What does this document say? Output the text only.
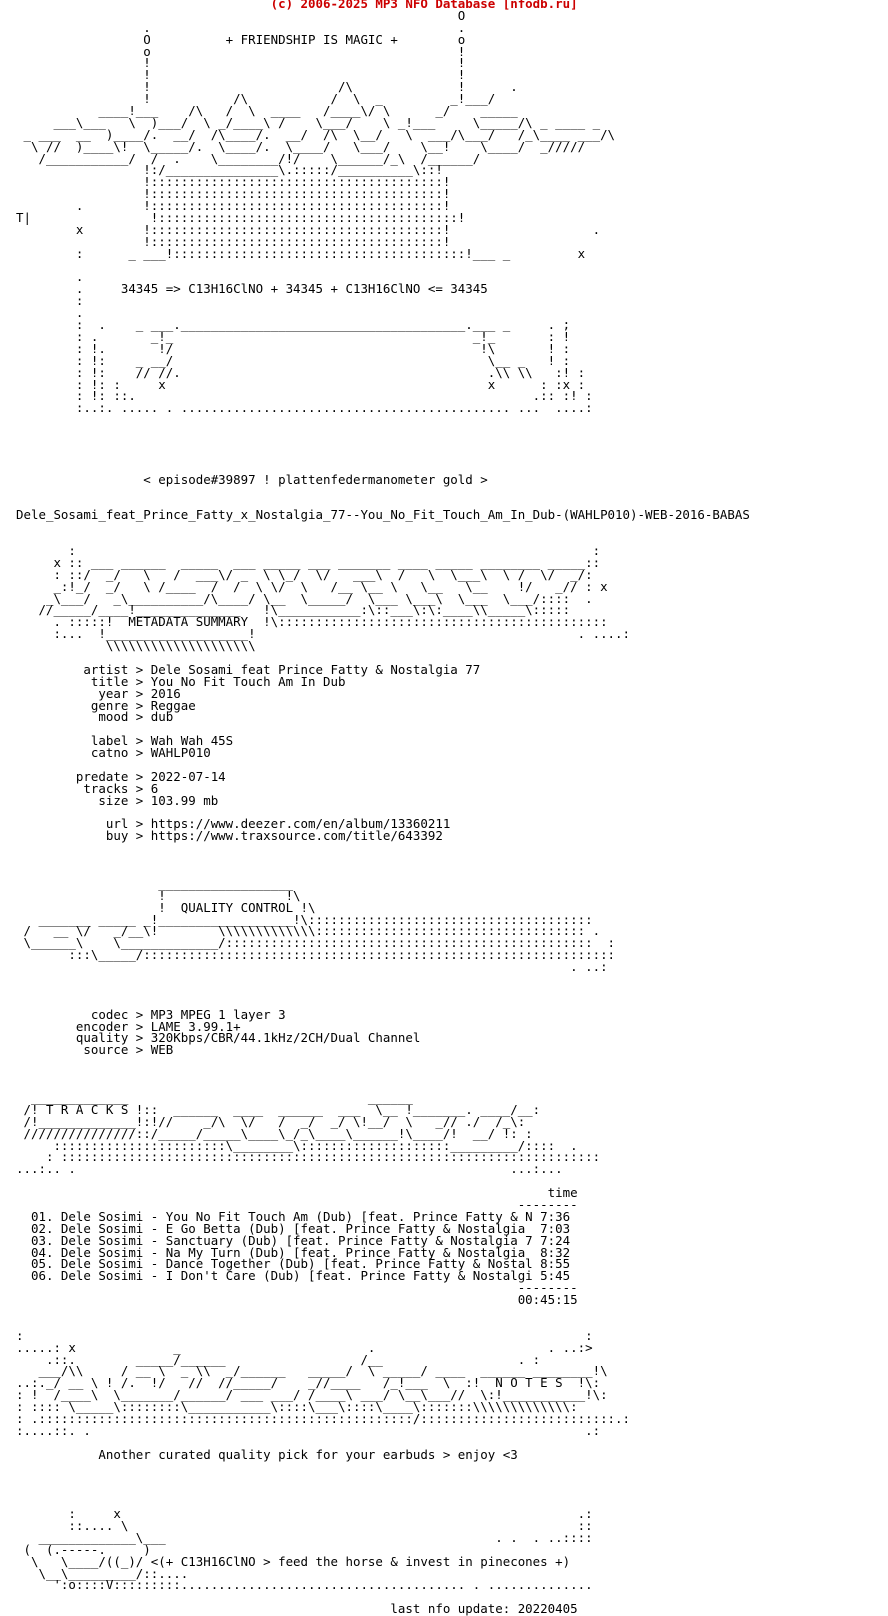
(c) 2006-2025 MP3 NFO Database [nfodb.ru]
O
.                                         .
O          + FRIENDSHIP IS MAGIC +        o
o                                         !
!                                         !
!                                         !
!                         /\              !      .
!           /\           /  \  _         _!___/
____!___    /\   /  \  ____   /____\/ \      _/    _____
___\___   \  )___/  \ _/____\ /    \___/    \ _!___     \_____/\ _ ____ _
_ ___  __  )____/.  __/  /\____/.  __/  /\  \__/   \  ___/\___/   /_\____ ___/\
\ //  )____\!  \_____/.  \____/.  \____/   \___/    \__!    \____/  _/////
/___________/  /  .    \________/!/    \______/_\  /______/
!:/_______________\.:::::/__________\::!
!:::::::::::::::::::::::::::::::::::::::!
!:::::::::::::::::::::::::::::::::::::::!
.        !:::::::::::::::::::::::::::::::::::::::!
T|                !::::::::::::::::::::::::::::::::::::::::!
x        !:::::::::::::::::::::::::::::::::::::::!                   .
!:::::::::::::::::::::::::::::::::::::::!
:      _ ___!:::::::::::::::::::::::::::::::::::::::!___ _         x
.
.     34345 => C13H16ClNO + 34345 + C13H16ClNO <= 34345
:
.
:  .    _ ___.______________________________________.___ _     . ;
: .       _!_                                        _!_       : !
: !.       !/                                         !\       ! :
: !:    _ __/                                          \__ _   ! :
: !:    // //.                                         .\\ \\   :! :
: !: :     x                                           x      : :x :
: !: ::.                                                     .:: :! :
:..:. ..... . ............................................ ...  ....:
< episode#39897 ! plattenfedermanometer gold >
Dele_Sosami_feat_Prince_Fatty_x_Nostalgia_77--You_No_Fit_Touch_Am_In_Dub-(WAHLP010)-WEB-2016-BABAS
:                                                                     :
x :: ___ ______  _____  ___ _____ ___ _______ ____ _____ ________ _____::
: ::/  _/   \   /  ___\/ _  \ \_/  \/   ___\  /   \  \___\  \ /  \/  _/:
_:!_/  _/   \ /____  /  /  \ \/  \   /__ \__ \   \__   \__    !/   _// : x
_\___/   _\__________/\____/ \__  \_____/  \___ \___\  \___  \___/::::  .
//_____/____!______________   !\___________:\::___\:\:____\\_____\:::::
. :::::!  METADATA SUMMARY  !\::::::::::::::::::::::::::::::::::::::::::::
:...  !___________________!                                           . ....:
\\\\\\\\\\\\\\\\\\\\
artist > Dele Sosami feat Prince Fatty & Nostalgia 77
title > You No Fit Touch Am In Dub
year > 2016
genre > Reggae
mood > dub
label > Wah Wah 45S
catno > WAHLP010
predate > 2022-07-14
tracks > 6
size > 103.99 mb
url > https://www.deezer.com/en/album/13360211
buy > https://www.traxsource.com/title/643392
__________________
!                !\
!  QUALITY CONTROL !\
_______ _____ _!__________________!\::::::::::::::::::::::::::::::::::::::
/   __ \/   _/__\!        \\\\\\\\\\\\\:::::::::::::::::::::::::::::::::::: .
\______\    \_____________/:::::::::::::::::::::::::::::::::::::::::::::::::  :
:::\_____/:::::::::::::::::::::::::::::::::::::::::::::::::::::::::::::::
. ..:
codec > MP3 MPEG 1 layer 3
encoder > LAME 3.99.1+
quality > 320Kbps/CBR/44.1kHz/2CH/Dual Channel
source > WEB
_____________                                ______
/! T R A C K S !::  ______  ____  ______  ___  \__ !_______. ____/__:
/!_____________!:!//    _/\  \/   /  _/  _/ \!__/  \   _// ./  /_\:
///////////////::/_____/_____\____\_/_\____\______!\____/!  __/ !: :
:::::::::::::::::::::::\________\::::::::::::::::::::_________/::::  .
: ::::::::::::::::::::::::::::::::::::::::::::::::::::::::::::::::::::::::
...:.. .                                                          ...:...
time
--------
01. Dele Sosimi - You No Fit Touch Am (Dub) [feat. Prince Fatty & N 7:36
02. Dele Sosimi - E Go Betta (Dub) [feat. Prince Fatty & Nostalgia  7:03
03. Dele Sosimi - Sanctuary (Dub) [feat. Prince Fatty & Nostalgia 7 7:24
04. Dele Sosimi - Na My Turn (Dub) [feat. Prince Fatty & Nostalgia  8:32
05. Dele Sosimi - Dance Together (Dub) [feat. Prince Fatty & Nostal 8:55
06. Dele Sosimi - I Don't Care (Dub) [feat. Prince Fatty & Nostalgi 5:45
--------
00:45:15
:                                                                           :
.....: x             _                         .                       . ..:>
.::.        _____/______                  /__                  . :
___/\\     / __ \  _ \\  _/______   _____/  \ _____/ ____  ______ ________!\
..:._/ __ \ ! /.  !/   //  //_____/    _//____   /_!___  \  :!  N O T E S  !\:
: !  /____\  \_______/______/ ___ ___/ /____\ ___/ \__\___//  \:!___________!\:
: :::: \_____\::::::::\___________\::::\___\::::\____\:::::::\\\\\\\\\\\\\:
: .::::::::::::::::::::::::::::::::::::::::::::::::::/::::::::::::::::::::::::::.:
:....::. .                                                                  .:
Another curated quality pick for your earbuds > enjoy <3
:     x                                                             .:
::.... \                                                            ::
_____________\___                                            . .  . ..::::
(  (.-----.     )
\   \____/((_)/ <(+ C13H16ClNO > feed the horse & invest in pinecones +)
\__\_________/::....
':o::::V:::::::::...................................... . ..............
last nfo update: 20220405
